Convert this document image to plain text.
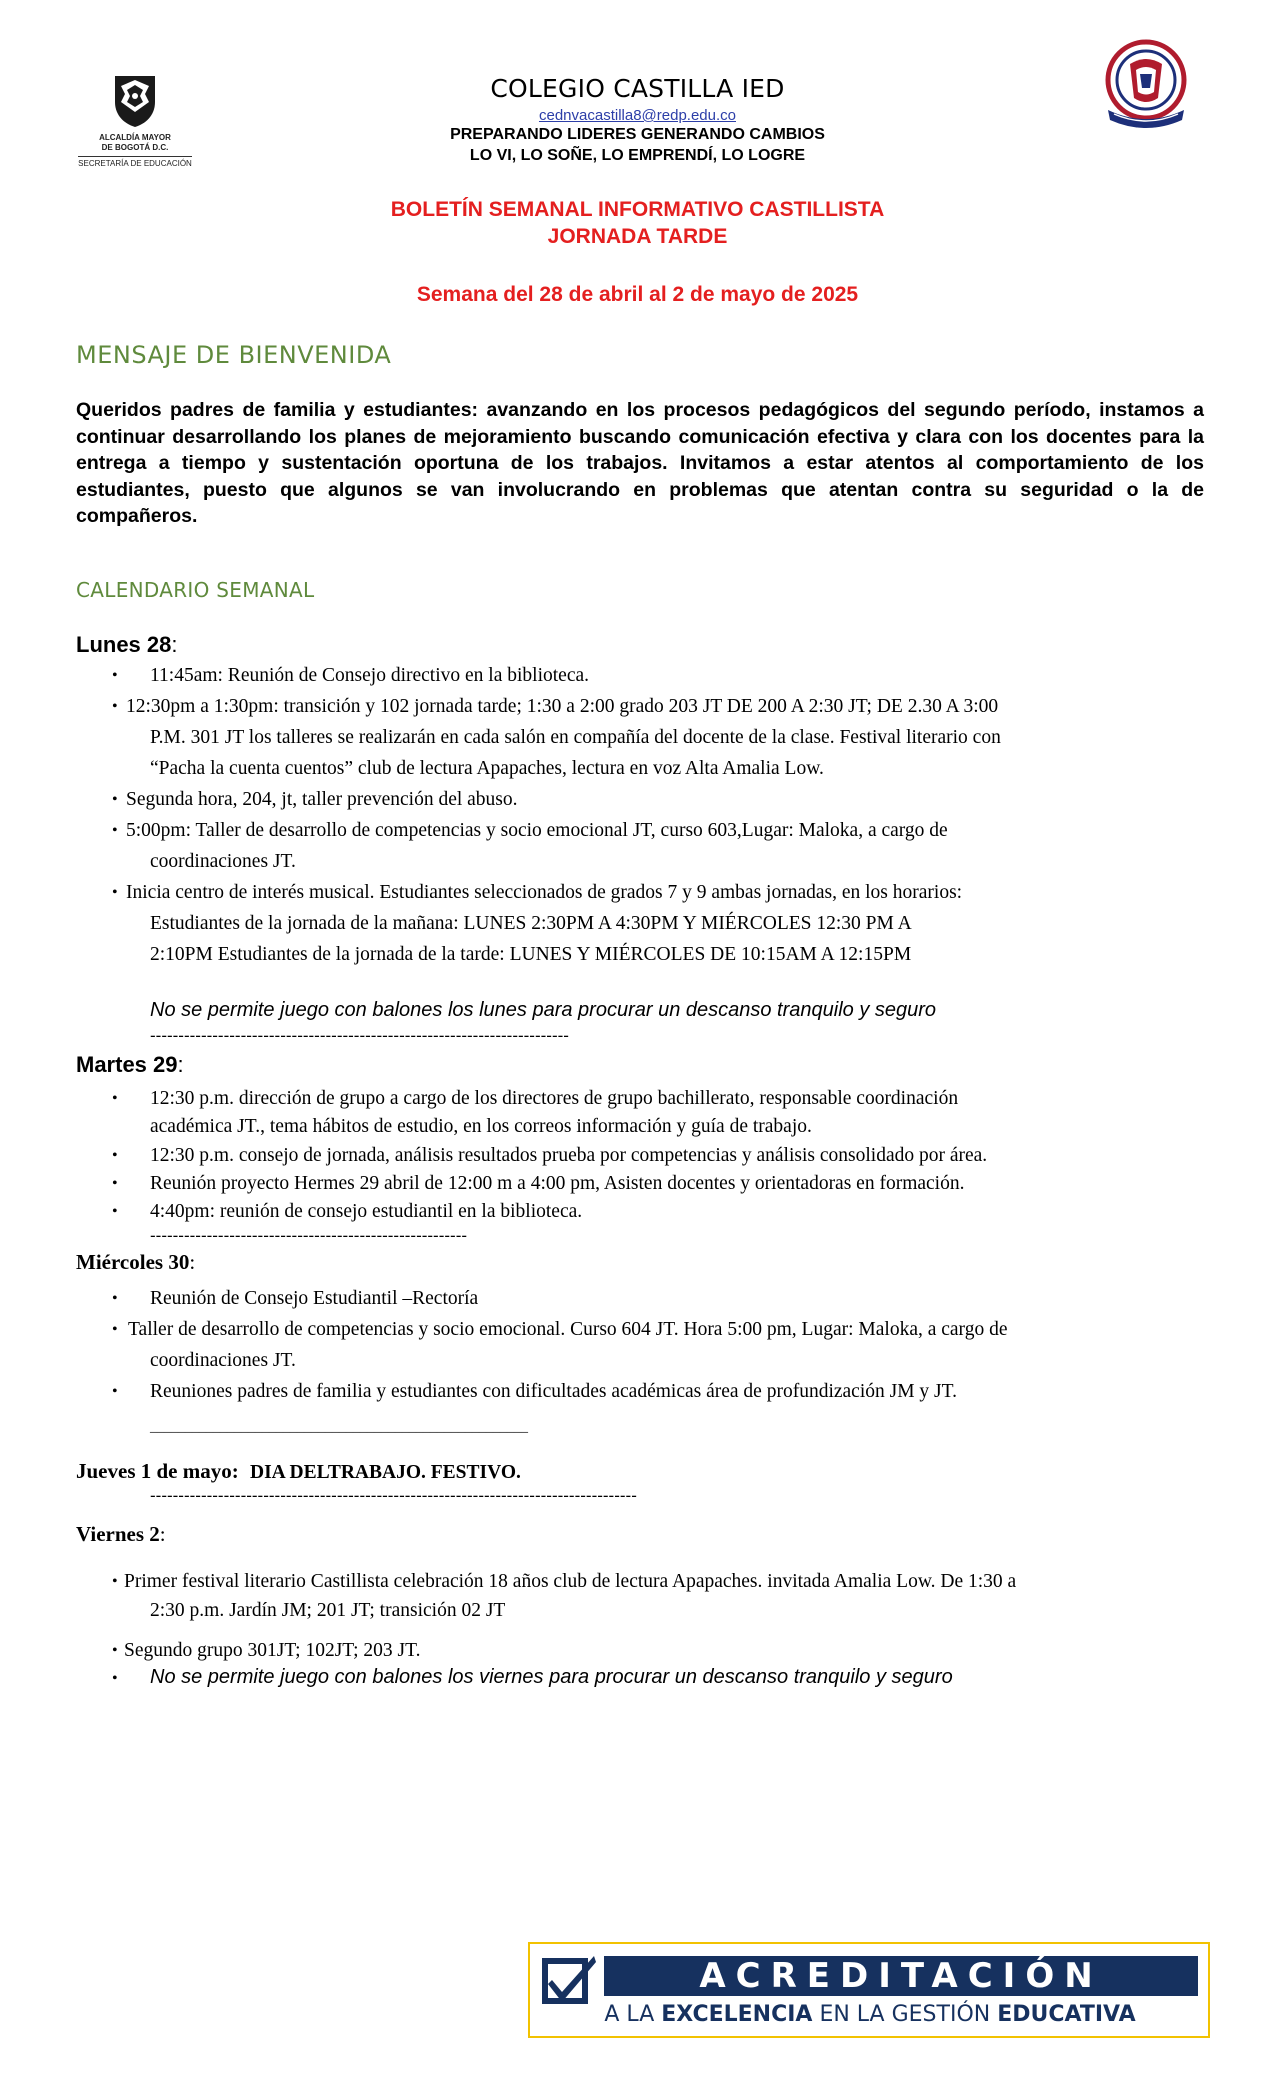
ALCALDÍA MAYOR
DE BOGOTÁ D.C.
SECRETARÍA DE EDUCACIÓN
COLEGIO CASTILLA IED
cednvacastilla8@redp.edu.co
PREPARANDO LIDERES GENERANDO CAMBIOS
LO VI, LO SOÑE, LO EMPRENDÍ, LO LOGRE
BOLETÍN SEMANAL INFORMATIVO CASTILLISTA
JORNADA TARDE
Semana del 28 de abril al 2 de mayo de 2025
MENSAJE DE BIENVENIDA
Queridos padres de familia y estudiantes: avanzando en los procesos pedagógicos del segundo período, instamos a continuar desarrollando los planes de mejoramiento buscando comunicación efectiva y clara con los docentes para la entrega a tiempo y sustentación oportuna de los trabajos. Invitamos a estar atentos al comportamiento de los estudiantes, puesto que algunos se van involucrando en problemas que atentan contra su seguridad o la de compañeros.
CALENDARIO SEMANAL
Lunes 28:
• 11:45am: Reunión de Consejo directivo en la biblioteca.
• 12:30pm a 1:30pm: transición y 102 jornada tarde; 1:30 a 2:00 grado 203 JT DE 200 A 2:30 JT; DE 2.30 A 3:00
P.M. 301 JT los talleres se realizarán en cada salón en compañía del docente de la clase. Festival literario con
“Pacha la cuenta cuentos” club de lectura Apapaches, lectura en voz Alta Amalia Low.
• Segunda hora, 204, jt, taller prevención del abuso.
• 5:00pm: Taller de desarrollo de competencias y socio emocional JT, curso 603,Lugar: Maloka, a cargo de
coordinaciones JT.
• Inicia centro de interés musical. Estudiantes seleccionados de grados 7 y 9 ambas jornadas, en los horarios:
Estudiantes de la jornada de la mañana: LUNES 2:30PM A 4:30PM Y MIÉRCOLES 12:30 PM A
2:10PM Estudiantes de la jornada de la tarde: LUNES Y MIÉRCOLES DE 10:15AM A 12:15PM
No se permite juego con balones los lunes para procurar un descanso tranquilo y seguro
--------------------------------------------------------------------------
Martes 29:
• 12:30 p.m. dirección de grupo a cargo de los directores de grupo bachillerato, responsable coordinación
académica JT., tema hábitos de estudio, en los correos información y guía de trabajo.
• 12:30 p.m. consejo de jornada, análisis resultados prueba por competencias y análisis consolidado por área.
• Reunión proyecto Hermes 29 abril de 12:00 m a 4:00 pm, Asisten docentes y orientadoras en formación.
• 4:40pm: reunión de consejo estudiantil en la biblioteca.
--------------------------------------------------------
Miércoles 30:
• Reunión de Consejo Estudiantil –Rectoría
• Taller de desarrollo de competencias y socio emocional. Curso 604 JT. Hora 5:00 pm, Lugar: Maloka, a cargo de
coordinaciones JT.
• Reuniones padres de familia y estudiantes con dificultades académicas área de profundización JM y JT.
______________________________________________________
Jueves 1 de mayo: DIA DELTRABAJO. FESTIVO.
--------------------------------------------------------------------------------------
Viernes 2:
• Primer festival literario Castillista celebración 18 años club de lectura Apapaches. invitada Amalia Low. De 1:30 a
2:30 p.m. Jardín JM; 201 JT; transición 02 JT
• Segundo grupo 301JT; 102JT; 203 JT.
• No se permite juego con balones los viernes para procurar un descanso tranquilo y seguro
ACREDITACIÓN
A LA EXCELENCIA EN LA GESTIÓN EDUCATIVA
